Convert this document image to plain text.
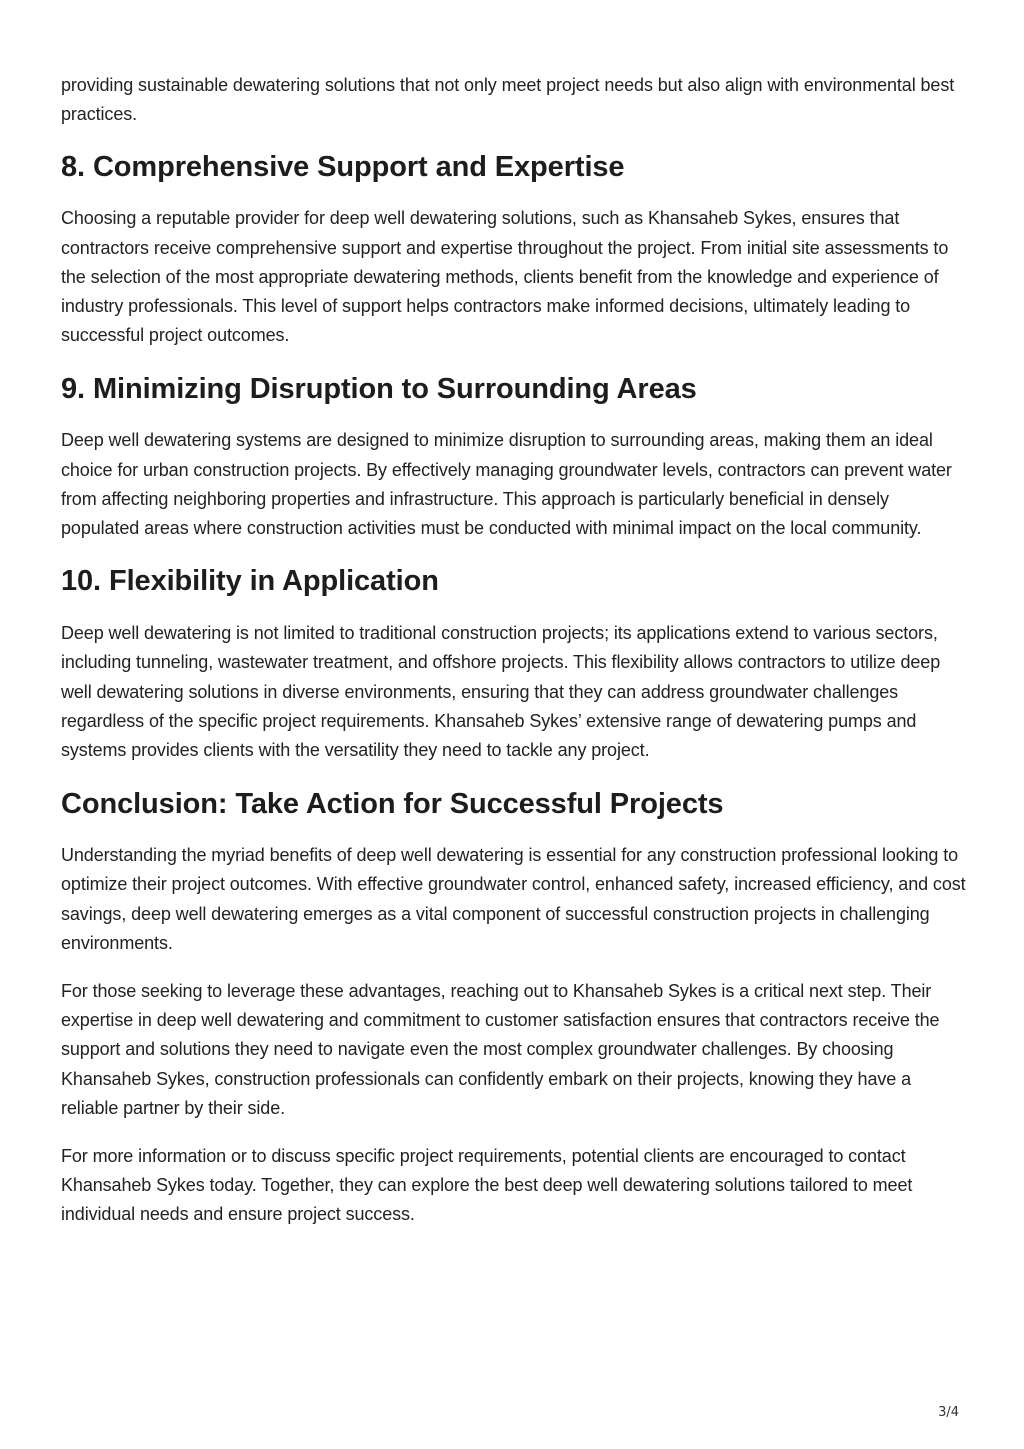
providing sustainable dewatering solutions that not only meet project needs but also align with environmental best practices.

8. Comprehensive Support and Expertise

Choosing a reputable provider for deep well dewatering solutions, such as Khansaheb Sykes, ensures that contractors receive comprehensive support and expertise throughout the project. From initial site assessments to the selection of the most appropriate dewatering methods, clients benefit from the knowledge and experience of industry professionals. This level of support helps contractors make informed decisions, ultimately leading to successful project outcomes.

9. Minimizing Disruption to Surrounding Areas

Deep well dewatering systems are designed to minimize disruption to surrounding areas, making them an ideal choice for urban construction projects. By effectively managing groundwater levels, contractors can prevent water from affecting neighboring properties and infrastructure. This approach is particularly beneficial in densely populated areas where construction activities must be conducted with minimal impact on the local community.

10. Flexibility in Application

Deep well dewatering is not limited to traditional construction projects; its applications extend to various sectors, including tunneling, wastewater treatment, and offshore projects. This flexibility allows contractors to utilize deep well dewatering solutions in diverse environments, ensuring that they can address groundwater challenges regardless of the specific project requirements. Khansaheb Sykes’ extensive range of dewatering pumps and systems provides clients with the versatility they need to tackle any project.

Conclusion: Take Action for Successful Projects

Understanding the myriad benefits of deep well dewatering is essential for any construction professional looking to optimize their project outcomes. With effective groundwater control, enhanced safety, increased efficiency, and cost savings, deep well dewatering emerges as a vital component of successful construction projects in challenging environments.

For those seeking to leverage these advantages, reaching out to Khansaheb Sykes is a critical next step. Their expertise in deep well dewatering and commitment to customer satisfaction ensures that contractors receive the support and solutions they need to navigate even the most complex groundwater challenges. By choosing Khansaheb Sykes, construction professionals can confidently embark on their projects, knowing they have a reliable partner by their side.

For more information or to discuss specific project requirements, potential clients are encouraged to contact Khansaheb Sykes today. Together, they can explore the best deep well dewatering solutions tailored to meet individual needs and ensure project success.

3/4
